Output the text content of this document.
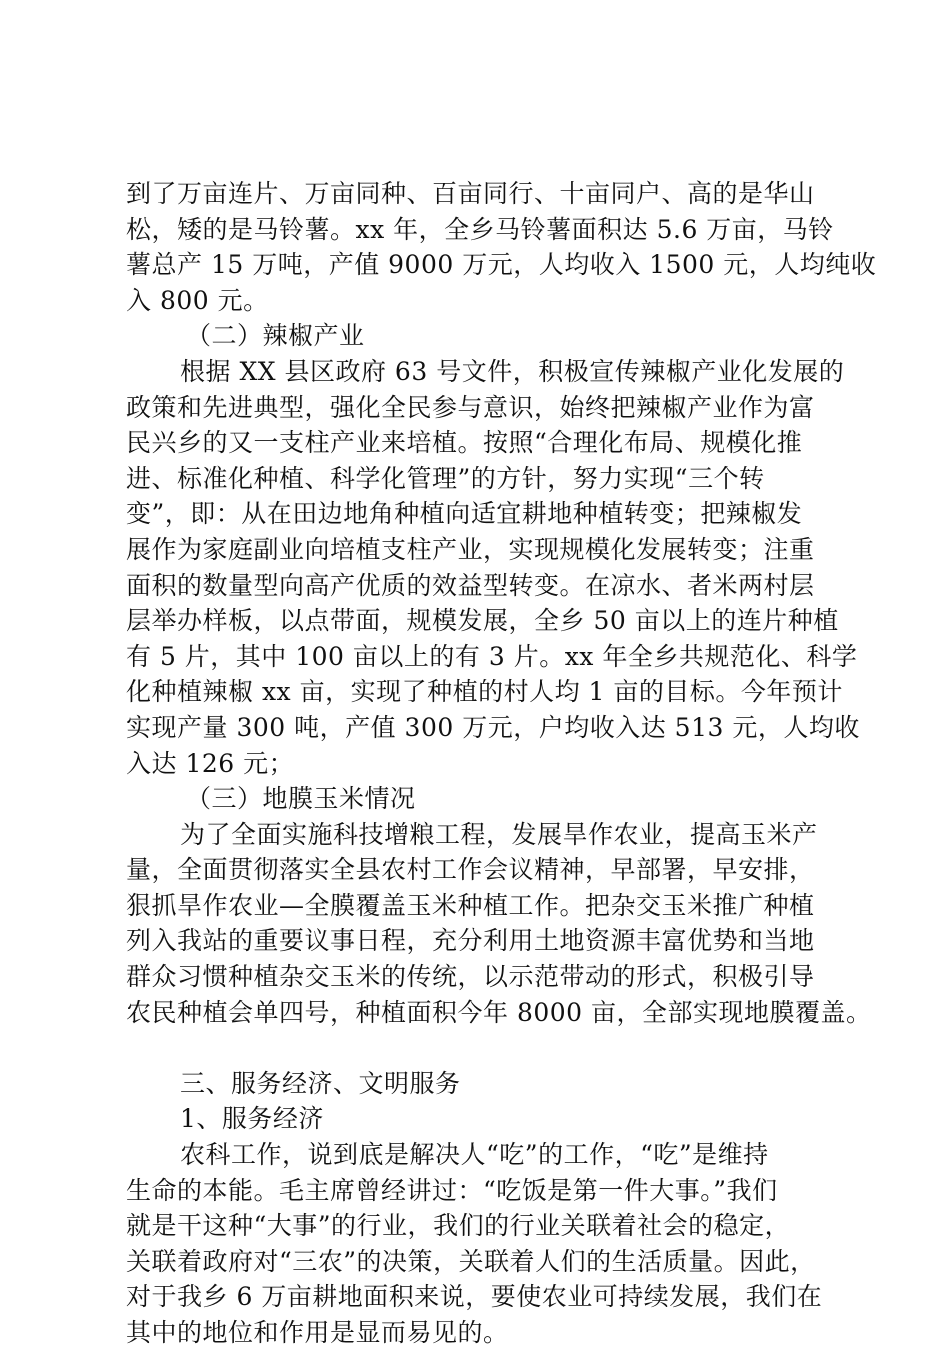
到了万亩连片、万亩同种、百亩同行、十亩同户、高的是华山
松，矮的是马铃薯。xx 年，全乡马铃薯面积达 5.6 万亩，马铃
薯总产 15 万吨，产值 9000 万元，人均收入 1500 元，人均纯收
入 800 元。
（二）辣椒产业
根据 XX 县区政府 63 号文件，积极宣传辣椒产业化发展的
政策和先进典型，强化全民参与意识，始终把辣椒产业作为富
民兴乡的又一支柱产业来培植。按照“合理化布局、规模化推
进、标准化种植、科学化管理”的方针，努力实现“三个转
变”，即：从在田边地角种植向适宜耕地种植转变；把辣椒发
展作为家庭副业向培植支柱产业，实现规模化发展转变；注重
面积的数量型向高产优质的效益型转变。在凉水、者米两村层
层举办样板，以点带面，规模发展，全乡 50 亩以上的连片种植
有 5 片，其中 100 亩以上的有 3 片。xx 年全乡共规范化、科学
化种植辣椒 xx 亩，实现了种植的村人均 1 亩的目标。今年预计
实现产量 300 吨，产值 300 万元，户均收入达 513 元，人均收
入达 126 元；
（三）地膜玉米情况
为了全面实施科技增粮工程，发展旱作农业，提高玉米产
量，全面贯彻落实全县农村工作会议精神，早部署，早安排，
狠抓旱作农业—全膜覆盖玉米种植工作。把杂交玉米推广种植
列入我站的重要议事日程，充分利用土地资源丰富优势和当地
群众习惯种植杂交玉米的传统，以示范带动的形式，积极引导
农民种植会单四号，种植面积今年 8000 亩，全部实现地膜覆盖。
三、服务经济、文明服务
1、服务经济
农科工作，说到底是解决人“吃”的工作，“吃”是维持
生命的本能。毛主席曾经讲过：“吃饭是第一件大事。”我们
就是干这种“大事”的行业，我们的行业关联着社会的稳定，
关联着政府对“三农”的决策，关联着人们的生活质量。因此，
对于我乡 6 万亩耕地面积来说，要使农业可持续发展，我们在
其中的地位和作用是显而易见的。
